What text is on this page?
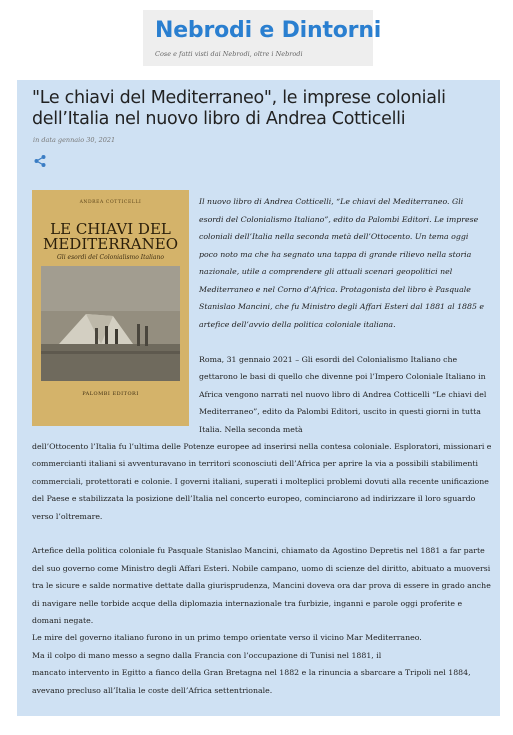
Nebrodi e Dintorni
Cose e fatti visti dai Nebrodi, oltre i Nebrodi
"Le chiavi del Mediterraneo", le imprese coloniali dell’Italia nel nuovo libro di Andrea Cotticelli
in data gennaio 30, 2021
ANDREA COTTICELLI
LE CHIAVI DEL MEDITERRANEO
Gli esordi del Colonialismo Italiano
PALOMBI EDITORI
Il nuovo libro di Andrea Cotticelli, “Le chiavi del Mediterraneo. Gli esordi del Colonialismo Italiano”, edito da Palombi Editori. Le imprese coloniali dell’Italia nella seconda metà dell’Ottocento. Un tema oggi poco noto ma che ha segnato una tappa di grande rilievo nella storia nazionale, utile a comprendere gli attuali scenari geopolitici nel Mediterraneo e nel Corno d’Africa. Protagonista del libro è Pasquale Stanislao Mancini, che fu Ministro degli Affari Esteri dal 1881 al 1885 e artefice dell’avvio della politica coloniale italiana.
Roma, 31 gennaio 2021 – Gli esordi del Colonialismo Italiano che gettarono le basi di quello che divenne poi l’Impero Coloniale Italiano in Africa vengono narrati nel nuovo libro di Andrea Cotticelli “Le chiavi del Mediterraneo”, edito da Palombi Editori, uscito in questi giorni in tutta Italia. Nella seconda metà

dell’Ottocento l’Italia fu l’ultima delle Potenze europee ad inserirsi nella contesa coloniale. Esploratori, missionari e commercianti italiani si avventuravano in territori sconosciuti dell’Africa per aprire la via a possibili stabilimenti commerciali, protettorati e colonie. I governi italiani, superati i molteplici problemi dovuti alla recente unificazione del Paese e stabilizzata la posizione dell’Italia nel concerto europeo, cominciarono ad indirizzare il loro sguardo verso l’oltremare.

Artefice della politica coloniale fu Pasquale Stanislao Mancini, chiamato da Agostino Depretis nel 1881 a far parte del suo governo come Ministro degli Affari Esteri. Nobile campano, uomo di scienze del diritto, abituato a muoversi tra le sicure e salde normative dettate dalla giurisprudenza, Mancini doveva ora dar prova di essere in grado anche di navigare nelle torbide acque della diplomazia internazionale tra furbizie, inganni e parole oggi proferite e domani negate.

Le mire del governo italiano furono in un primo tempo orientate verso il vicino Mar Mediterraneo.

Ma il colpo di mano messo a segno dalla Francia con l’occupazione di Tunisi nel 1881, il

mancato intervento in Egitto a fianco della Gran Bretagna nel 1882 e la rinuncia a sbarcare a Tripoli nel 1884, avevano precluso all’Italia le coste dell’Africa settentrionale.
